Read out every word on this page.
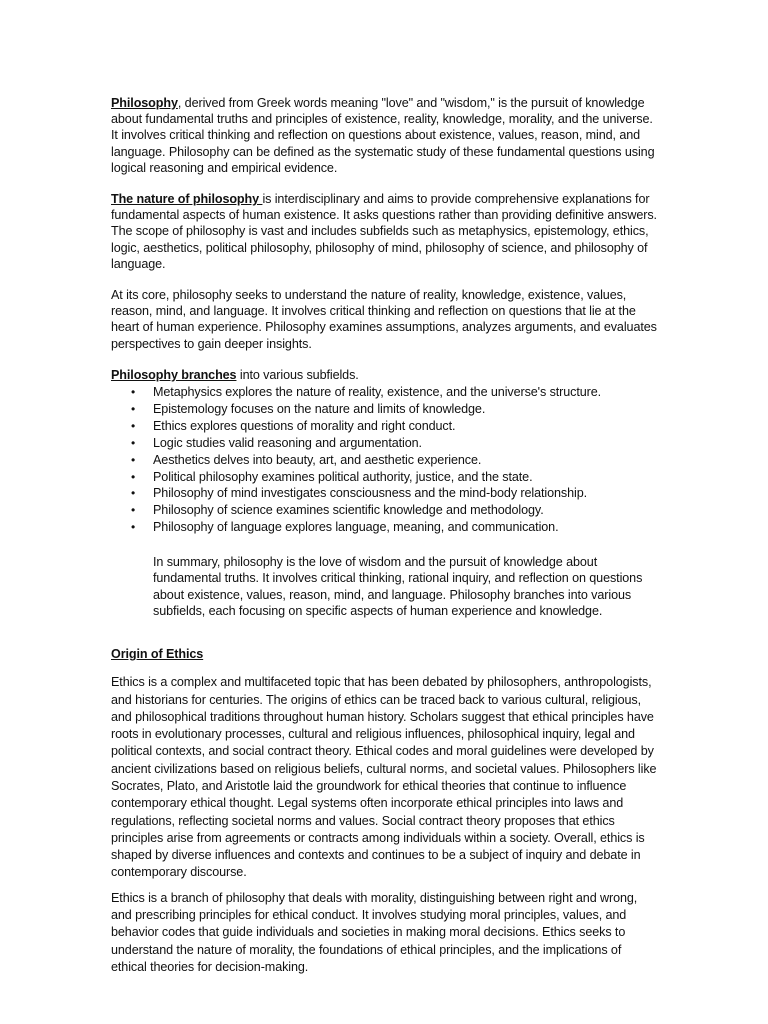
Philosophy, derived from Greek words meaning "love" and "wisdom," is the pursuit of knowledge about fundamental truths and principles of existence, reality, knowledge, morality, and the universe. It involves critical thinking and reflection on questions about existence, values, reason, mind, and language. Philosophy can be defined as the systematic study of these fundamental questions using logical reasoning and empirical evidence.

The nature of philosophy is interdisciplinary and aims to provide comprehensive explanations for fundamental aspects of human existence. It asks questions rather than providing definitive answers. The scope of philosophy is vast and includes subfields such as metaphysics, epistemology, ethics, logic, aesthetics, political philosophy, philosophy of mind, philosophy of science, and philosophy of language.

At its core, philosophy seeks to understand the nature of reality, knowledge, existence, values, reason, mind, and language. It involves critical thinking and reflection on questions that lie at the heart of human experience. Philosophy examines assumptions, analyzes arguments, and evaluates perspectives to gain deeper insights.

Philosophy branches into various subfields.

• Metaphysics explores the nature of reality, existence, and the universe's structure.
• Epistemology focuses on the nature and limits of knowledge.
• Ethics explores questions of morality and right conduct.
• Logic studies valid reasoning and argumentation.
• Aesthetics delves into beauty, art, and aesthetic experience.
• Political philosophy examines political authority, justice, and the state.
• Philosophy of mind investigates consciousness and the mind-body relationship.
• Philosophy of science examines scientific knowledge and methodology.
• Philosophy of language explores language, meaning, and communication.

In summary, philosophy is the love of wisdom and the pursuit of knowledge about fundamental truths. It involves critical thinking, rational inquiry, and reflection on questions about existence, values, reason, mind, and language. Philosophy branches into various subfields, each focusing on specific aspects of human experience and knowledge.

Origin of Ethics

Ethics is a complex and multifaceted topic that has been debated by philosophers, anthropologists, and historians for centuries. The origins of ethics can be traced back to various cultural, religious, and philosophical traditions throughout human history. Scholars suggest that ethical principles have roots in evolutionary processes, cultural and religious influences, philosophical inquiry, legal and political contexts, and social contract theory. Ethical codes and moral guidelines were developed by ancient civilizations based on religious beliefs, cultural norms, and societal values. Philosophers like Socrates, Plato, and Aristotle laid the groundwork for ethical theories that continue to influence contemporary ethical thought. Legal systems often incorporate ethical principles into laws and regulations, reflecting societal norms and values. Social contract theory proposes that ethics principles arise from agreements or contracts among individuals within a society. Overall, ethics is shaped by diverse influences and contexts and continues to be a subject of inquiry and debate in contemporary discourse.

Ethics is a branch of philosophy that deals with morality, distinguishing between right and wrong, and prescribing principles for ethical conduct. It involves studying moral principles, values, and behavior codes that guide individuals and societies in making moral decisions. Ethics seeks to understand the nature of morality, the foundations of ethical principles, and the implications of ethical theories for decision-making.
